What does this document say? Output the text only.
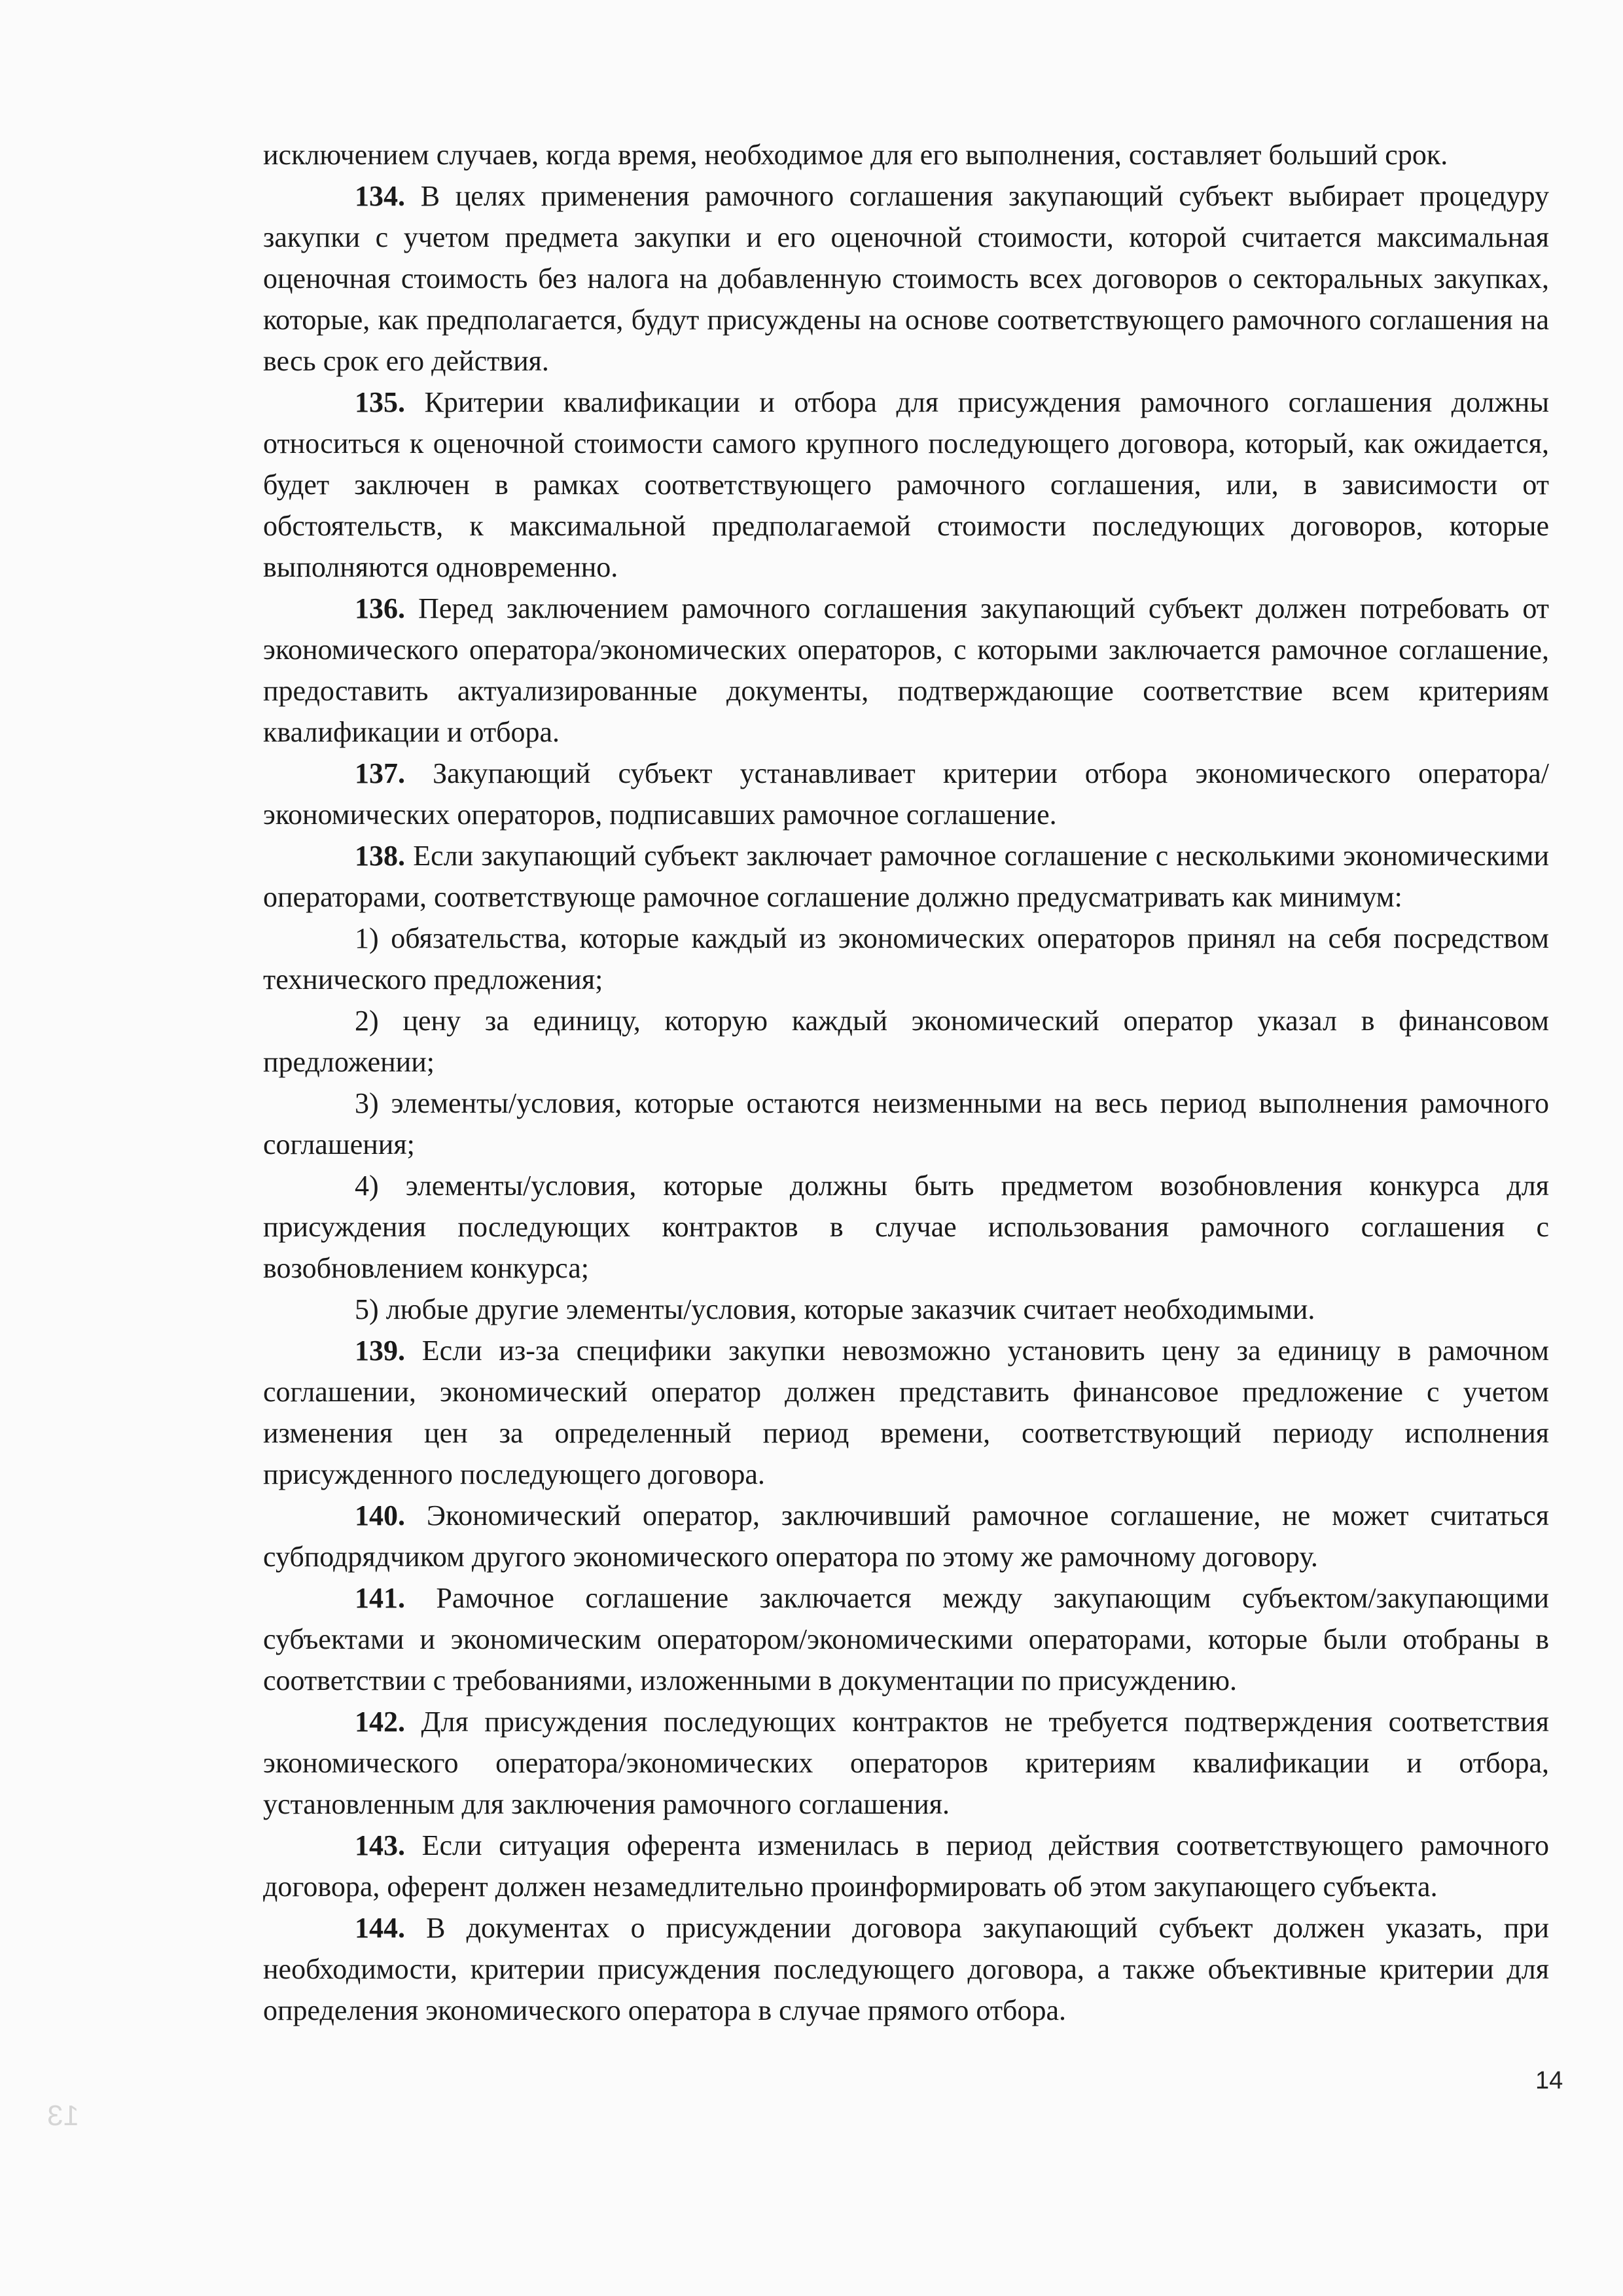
исключением случаев, когда время, необходимое для его выполнения, составляет больший срок.

134. В целях применения рамочного соглашения закупающий субъект выбирает процедуру закупки с учетом предмета закупки и его оценочной стоимости, которой считается максимальная оценочная стоимость без налога на добавленную стоимость всех договоров о секторальных закупках, которые, как предполагается, будут присуждены на основе соответствующего рамочного соглашения на весь срок его действия.

135. Критерии квалификации и отбора для присуждения рамочного соглашения должны относиться к оценочной стоимости самого крупного последующего договора, который, как ожидается, будет заключен в рамках соответствующего рамочного соглашения, или, в зависимости от обстоятельств, к максимальной предполагаемой стоимости последующих договоров, которые выполняются одновременно.

136. Перед заключением рамочного соглашения закупающий субъект должен потребовать от экономического оператора/экономических операторов, с которыми заключается рамочное соглашение, предоставить актуализированные документы, подтверждающие соответствие всем критериям квалификации и отбора.

137. Закупающий субъект устанавливает критерии отбора экономического оператора/экономических операторов, подписавших рамочное соглашение.

138. Если закупающий субъект заключает рамочное соглашение с несколькими экономическими операторами, соответствующе рамочное соглашение должно предусматривать как минимум:

1) обязательства, которые каждый из экономических операторов принял на себя посредством технического предложения;

2) цену за единицу, которую каждый экономический оператор указал в финансовом предложении;

3) элементы/условия, которые остаются неизменными на весь период выполнения рамочного соглашения;

4) элементы/условия, которые должны быть предметом возобновления конкурса для присуждения последующих контрактов в случае использования рамочного соглашения с возобновлением конкурса;

5) любые другие элементы/условия, которые заказчик считает необходимыми.

139. Если из-за специфики закупки невозможно установить цену за единицу в рамочном соглашении, экономический оператор должен представить финансовое предложение с учетом изменения цен за определенный период времени, соответствующий периоду исполнения присужденного последующего договора.

140. Экономический оператор, заключивший рамочное соглашение, не может считаться субподрядчиком другого экономического оператора по этому же рамочному договору.

141. Рамочное соглашение заключается между закупающим субъектом/закупающими субъектами и экономическим оператором/экономическими операторами, которые были отобраны в соответствии с требованиями, изложенными в документации по присуждению.

142. Для присуждения последующих контрактов не требуется подтверждения соответствия экономического оператора/экономических операторов критериям квалификации и отбора, установленным для заключения рамочного соглашения.

143. Если ситуация оферента изменилась в период действия соответствующего рамочного договора, оферент должен незамедлительно проинформировать об этом закупающего субъекта.

144. В документах о присуждении договора закупающий субъект должен указать, при необходимости, критерии присуждения последующего договора, а также объективные критерии для определения экономического оператора в случае прямого отбора.

13
14
